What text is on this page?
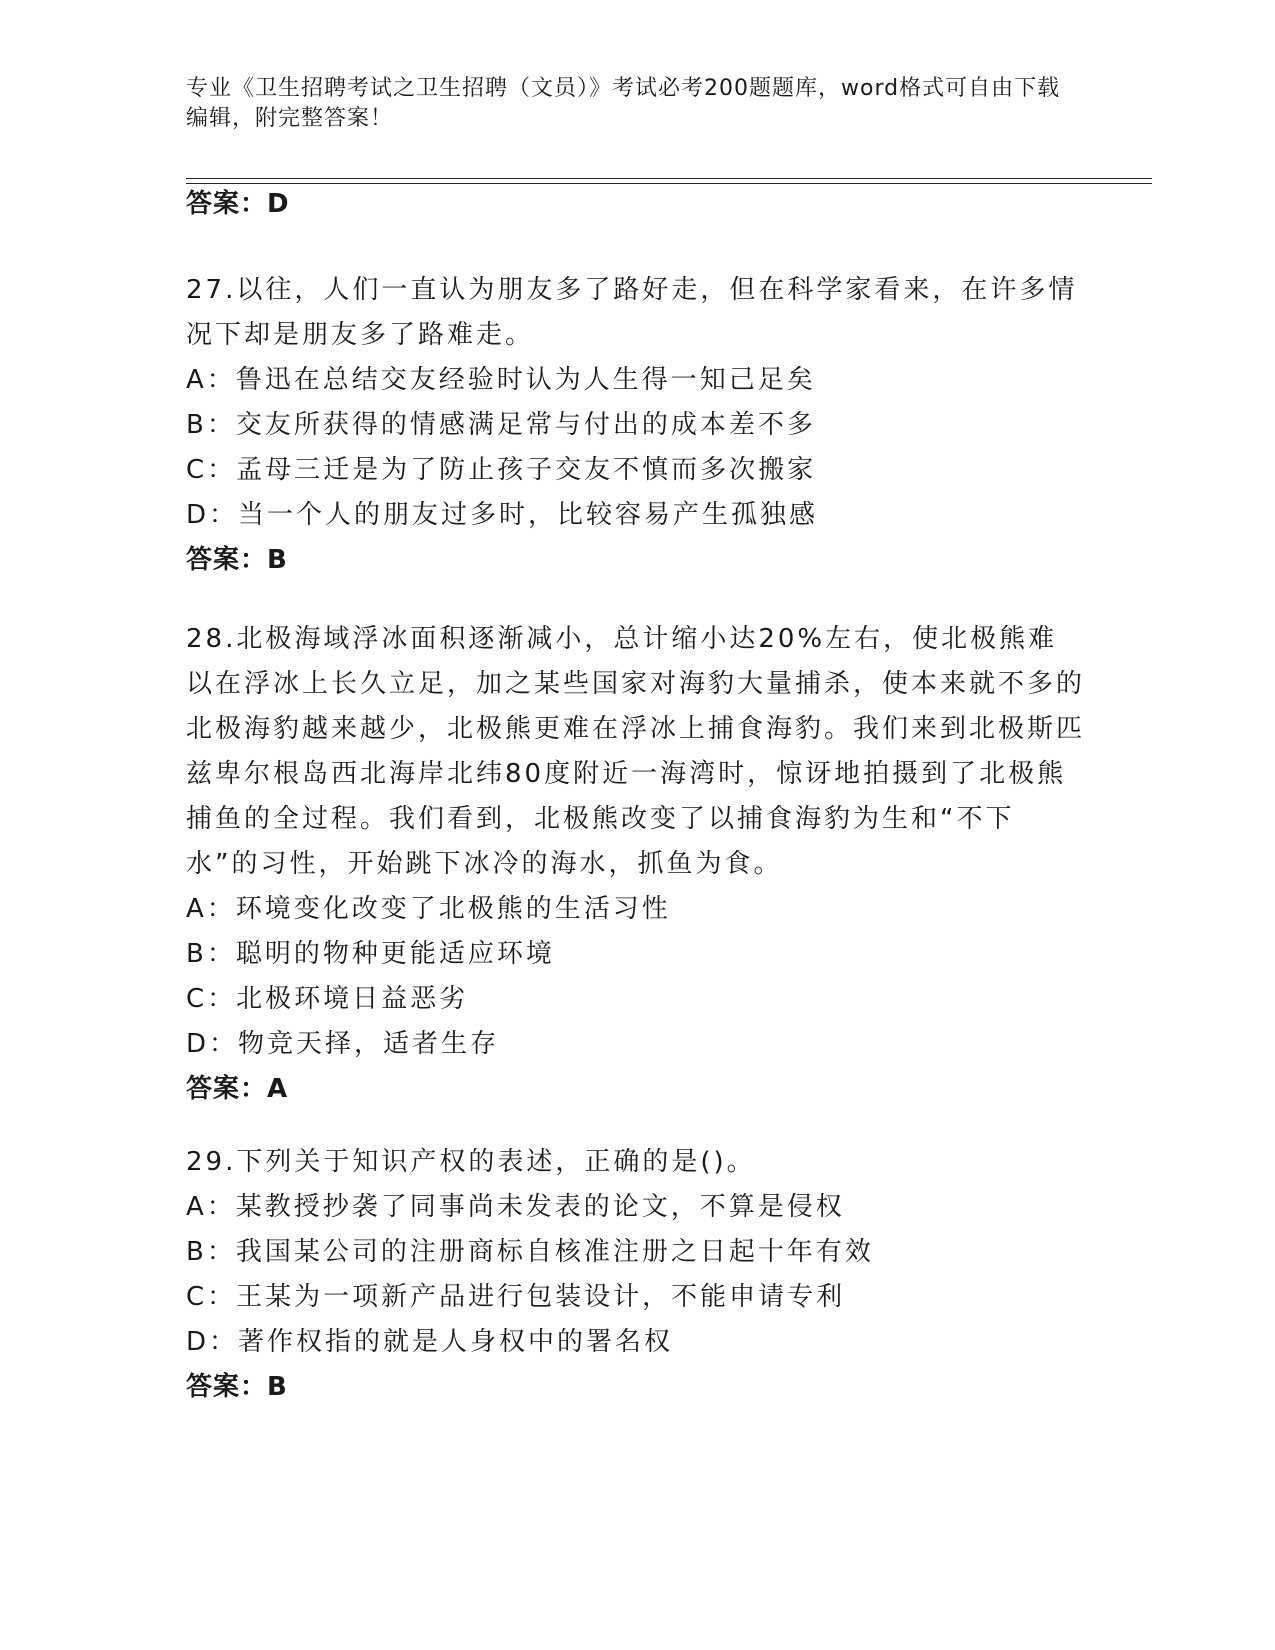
专业《卫生招聘考试之卫生招聘（文员）》考试必考200题题库，word格式可自由下载编辑，附完整答案！
答案：D
27.以往，人们一直认为朋友多了路好走，但在科学家看来，在许多情况下却是朋友多了路难走。
A：鲁迅在总结交友经验时认为人生得一知己足矣
B：交友所获得的情感满足常与付出的成本差不多
C：孟母三迁是为了防止孩子交友不慎而多次搬家
D：当一个人的朋友过多时，比较容易产生孤独感
答案：B
28.北极海域浮冰面积逐渐减小，总计缩小达20%左右，使北极熊难以在浮冰上长久立足，加之某些国家对海豹大量捕杀，使本来就不多的北极海豹越来越少，北极熊更难在浮冰上捕食海豹。我们来到北极斯匹兹卑尔根岛西北海岸北纬80度附近一海湾时，惊讶地拍摄到了北极熊捕鱼的全过程。我们看到，北极熊改变了以捕食海豹为生和“不下水”的习性，开始跳下冰冷的海水，抓鱼为食。
A：环境变化改变了北极熊的生活习性
B：聪明的物种更能适应环境
C：北极环境日益恶劣
D：物竞天择，适者生存
答案：A
29.下列关于知识产权的表述，正确的是()。
A：某教授抄袭了同事尚未发表的论文，不算是侵权
B：我国某公司的注册商标自核准注册之日起十年有效
C：王某为一项新产品进行包装设计，不能申请专利
D：著作权指的就是人身权中的署名权
答案：B
